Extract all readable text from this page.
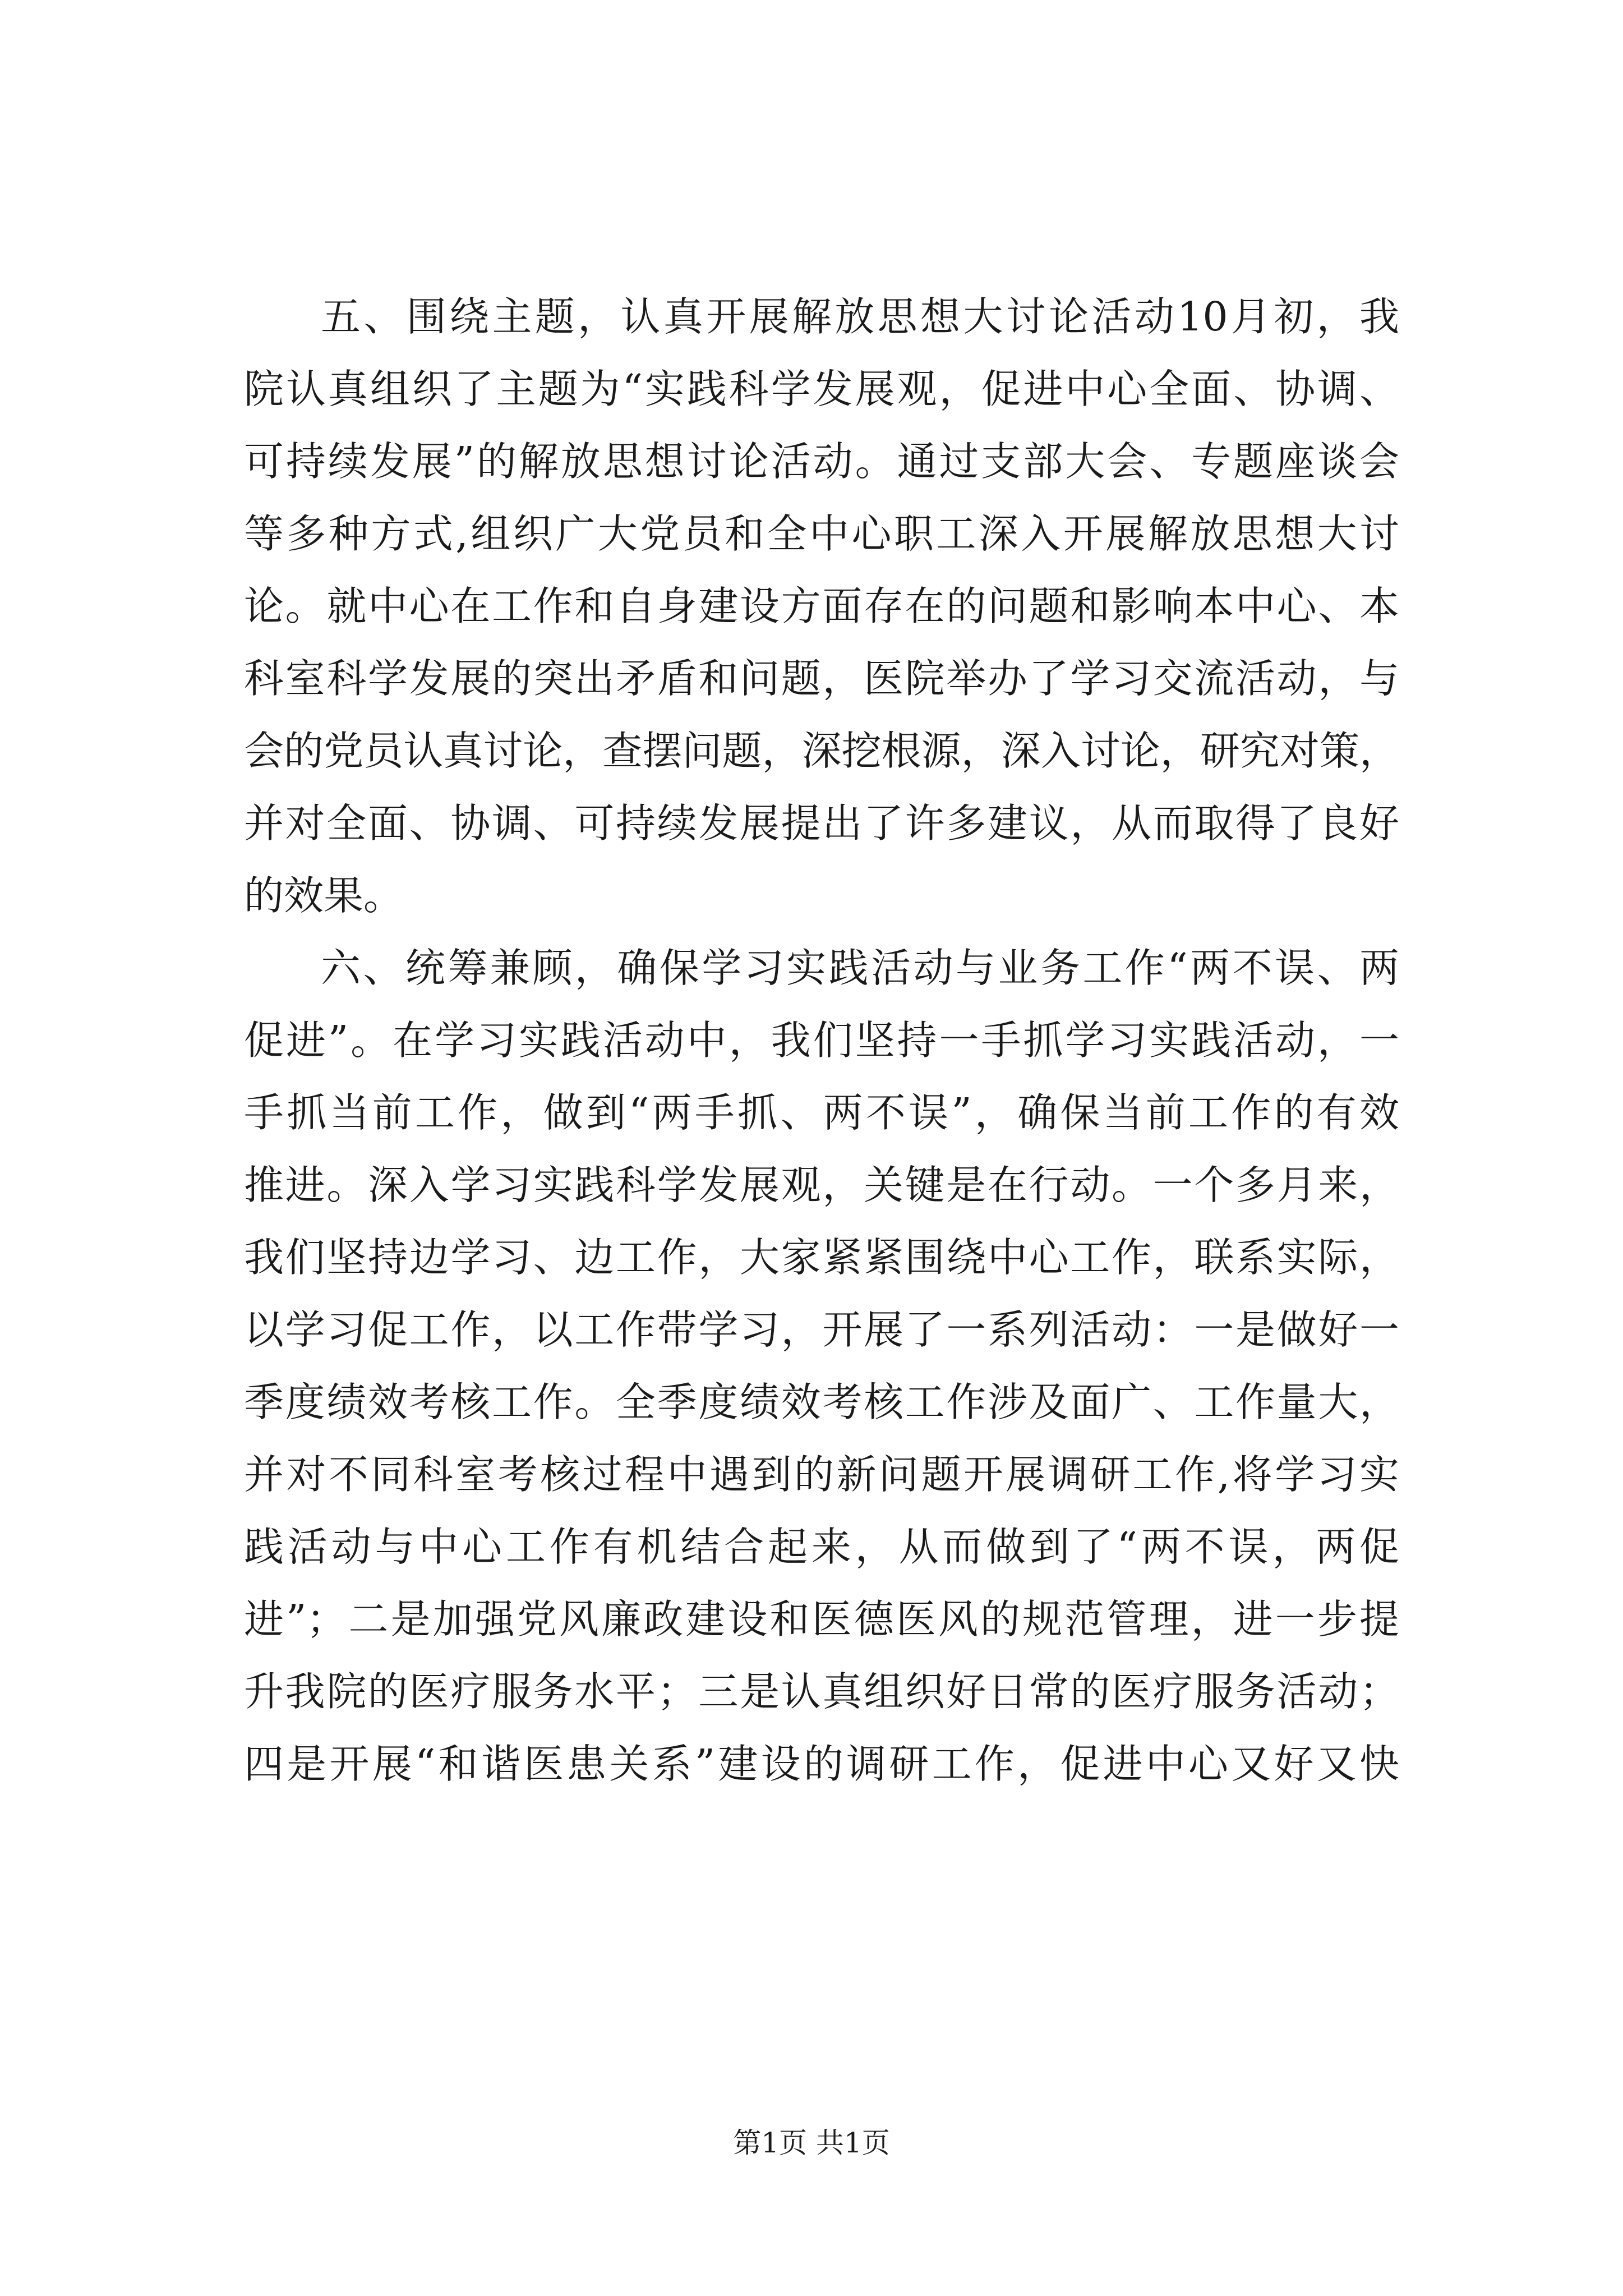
五、围绕主题，认真开展解放思想大讨论活动10月初，我
院认真组织了主题为“实践科学发展观，促进中心全面、协调、
可持续发展”的解放思想讨论活动。通过支部大会、专题座谈会
等多种方式,组织广大党员和全中心职工深入开展解放思想大讨
论。就中心在工作和自身建设方面存在的问题和影响本中心、本
科室科学发展的突出矛盾和问题，医院举办了学习交流活动，与
会的党员认真讨论，查摆问题，深挖根源，深入讨论，研究对策，
并对全面、协调、可持续发展提出了许多建议，从而取得了良好
的效果。
六、统筹兼顾，确保学习实践活动与业务工作“两不误、两
促进”。在学习实践活动中，我们坚持一手抓学习实践活动，一
手抓当前工作，做到“两手抓、两不误”，确保当前工作的有效
推进。深入学习实践科学发展观，关键是在行动。一个多月来，
我们坚持边学习、边工作，大家紧紧围绕中心工作，联系实际，
以学习促工作，以工作带学习，开展了一系列活动：一是做好一
季度绩效考核工作。全季度绩效考核工作涉及面广、工作量大，
并对不同科室考核过程中遇到的新问题开展调研工作,将学习实
践活动与中心工作有机结合起来，从而做到了“两不误，两促
进”；二是加强党风廉政建设和医德医风的规范管理，进一步提
升我院的医疗服务水平；三是认真组织好日常的医疗服务活动；
四是开展“和谐医患关系”建设的调研工作，促进中心又好又快
第1页 共1页
